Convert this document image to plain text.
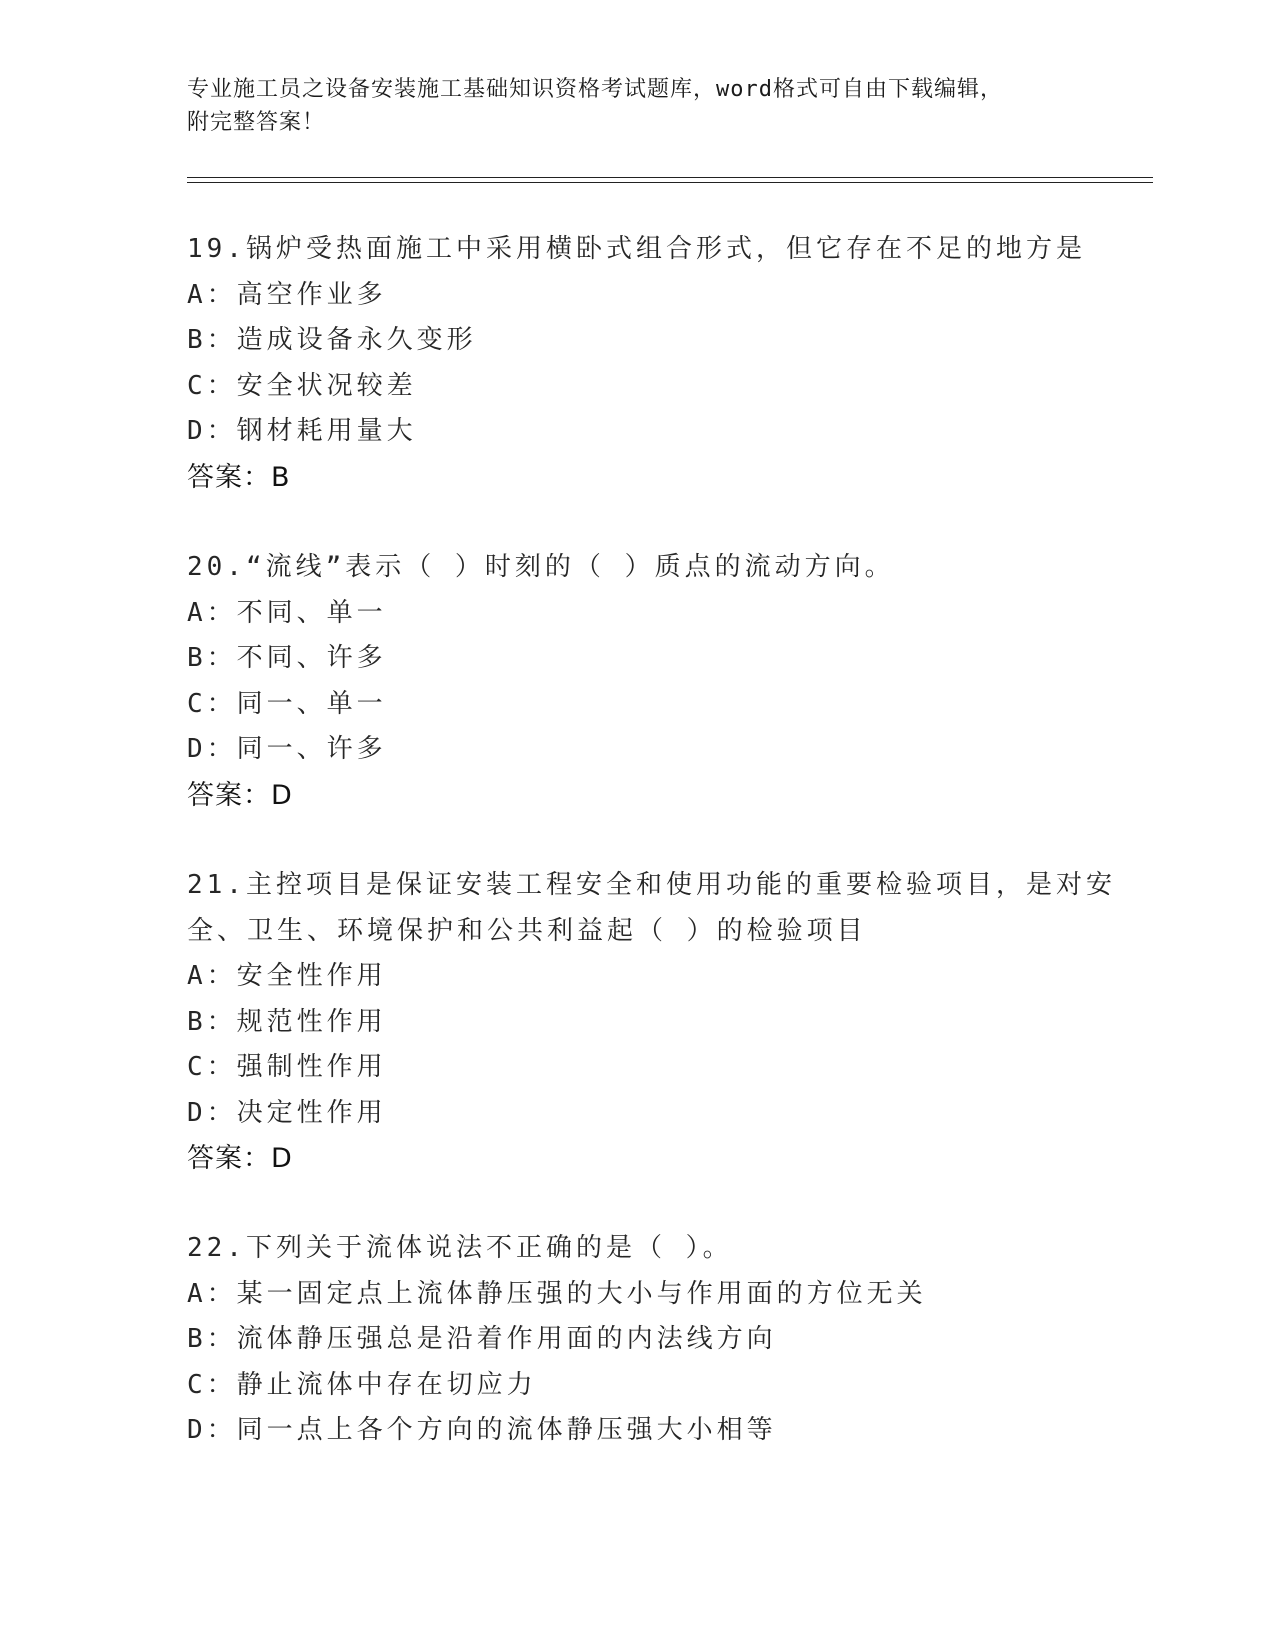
专业施工员之设备安装施工基础知识资格考试题库，word格式可自由下载编辑，
附完整答案！
19.锅炉受热面施工中采用横卧式组合形式，但它存在不足的地方是
A：高空作业多
B：造成设备永久变形
C：安全状况较差
D：钢材耗用量大
答案：B
20.“流线”表示（ ）时刻的（ ）质点的流动方向。
A：不同、单一
B：不同、许多
C：同一、单一
D：同一、许多
答案：D
21.主控项目是保证安装工程安全和使用功能的重要检验项目，是对安
全、卫生、环境保护和公共利益起（ ）的检验项目
A：安全性作用
B：规范性作用
C：强制性作用
D：决定性作用
答案：D
22.下列关于流体说法不正确的是（ ）。
A：某一固定点上流体静压强的大小与作用面的方位无关
B：流体静压强总是沿着作用面的内法线方向
C：静止流体中存在切应力
D：同一点上各个方向的流体静压强大小相等
